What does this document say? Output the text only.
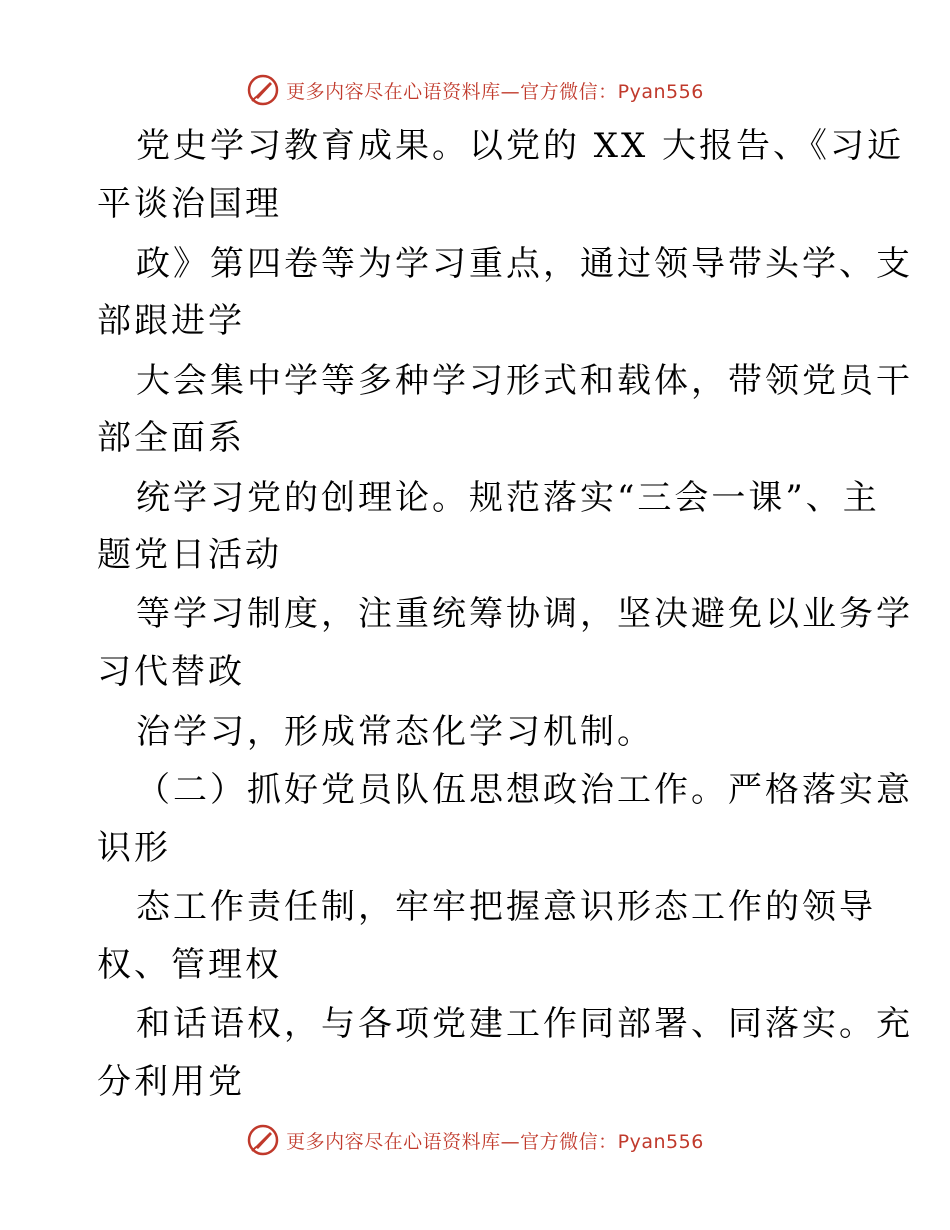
更多内容尽在心语资料库—官方微信：Pyan556
党史学习教育成果。以党的 XX 大报告、《习近
平谈治国理
政》第四卷等为学习重点，通过领导带头学、支
部跟进学
大会集中学等多种学习形式和载体，带领党员干
部全面系
统学习党的创理论。规范落实“三会一课”、主
题党日活动
等学习制度，注重统筹协调，坚决避免以业务学
习代替政
治学习，形成常态化学习机制。
（二）抓好党员队伍思想政治工作。严格落实意
识形
态工作责任制，牢牢把握意识形态工作的领导
权、管理权
和话语权，与各项党建工作同部署、同落实。充
分利用党
更多内容尽在心语资料库—官方微信：Pyan556
